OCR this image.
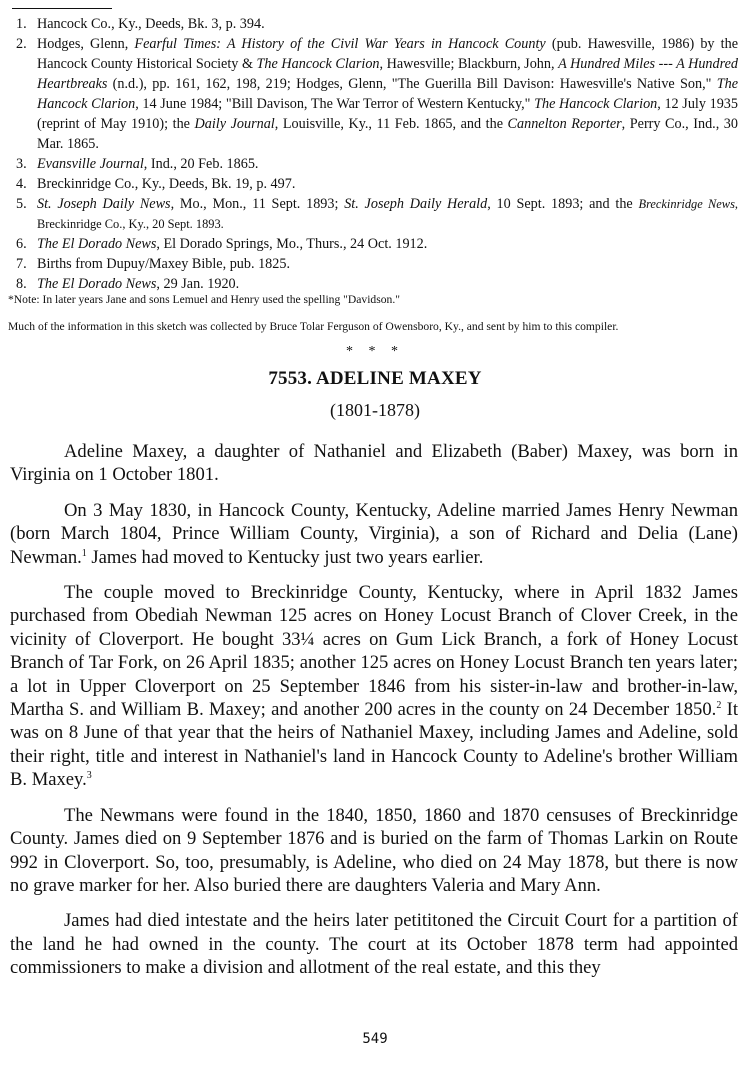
1. Hancock Co., Ky., Deeds, Bk. 3, p. 394.
2. Hodges, Glenn, Fearful Times: A History of the Civil War Years in Hancock County (pub. Hawesville, 1986) by the Hancock County Historical Society & The Hancock Clarion, Hawesville; Blackburn, John, A Hundred Miles --- A Hundred Heartbreaks (n.d.), pp. 161, 162, 198, 219; Hodges, Glenn, "The Guerilla Bill Davison: Hawesville's Native Son," The Hancock Clarion, 14 June 1984; "Bill Davison, The War Terror of Western Kentucky," The Hancock Clarion, 12 July 1935 (reprint of May 1910); the Daily Journal, Louisville, Ky., 11 Feb. 1865, and the Cannelton Reporter, Perry Co., Ind., 30 Mar. 1865.
3. Evansville Journal, Ind., 20 Feb. 1865.
4. Breckinridge Co., Ky., Deeds, Bk. 19, p. 497.
5. St. Joseph Daily News, Mo., Mon., 11 Sept. 1893; St. Joseph Daily Herald, 10 Sept. 1893; and the Breckinridge News, Breckinridge Co., Ky., 20 Sept. 1893.
6. The El Dorado News, El Dorado Springs, Mo., Thurs., 24 Oct. 1912.
7. Births from Dupuy/Maxey Bible, pub. 1825.
8. The El Dorado News, 29 Jan. 1920.
*Note: In later years Jane and sons Lemuel and Henry used the spelling "Davidson."
Much of the information in this sketch was collected by Bruce Tolar Ferguson of Owensboro, Ky., and sent by him to this compiler.
* * *
7553. ADELINE MAXEY
(1801-1878)

Adeline Maxey, a daughter of Nathaniel and Elizabeth (Baber) Maxey, was born in Virginia on 1 October 1801.

On 3 May 1830, in Hancock County, Kentucky, Adeline married James Henry Newman (born March 1804, Prince William County, Virginia), a son of Richard and Delia (Lane) Newman.$^1$ James had moved to Kentucky just two years earlier.

The couple moved to Breckinridge County, Kentucky, where in April 1832 James purchased from Obediah Newman 125 acres on Honey Locust Branch of Clover Creek, in the vicinity of Cloverport. He bought 33¼ acres on Gum Lick Branch, a fork of Honey Locust Branch of Tar Fork, on 26 April 1835; another 125 acres on Honey Locust Branch ten years later; a lot in Upper Cloverport on 25 September 1846 from his sister-in-law and brother-in-law, Martha S. and William B. Maxey; and another 200 acres in the county on 24 December 1850.$^2$ It was on 8 June of that year that the heirs of Nathaniel Maxey, including James and Adeline, sold their right, title and interest in Nathaniel's land in Hancock County to Adeline's brother William B. Maxey.$^3$

The Newmans were found in the 1840, 1850, 1860 and 1870 censuses of Breckinridge County. James died on 9 September 1876 and is buried on the farm of Thomas Larkin on Route 992 in Cloverport. So, too, presumably, is Adeline, who died on 24 May 1878, but there is now no grave marker for her. Also buried there are daughters Valeria and Mary Ann.

James had died intestate and the heirs later petititoned the Circuit Court for a partition of the land he had owned in the county. The court at its October 1878 term had appointed commissioners to make a division and allotment of the real estate, and this they

549
